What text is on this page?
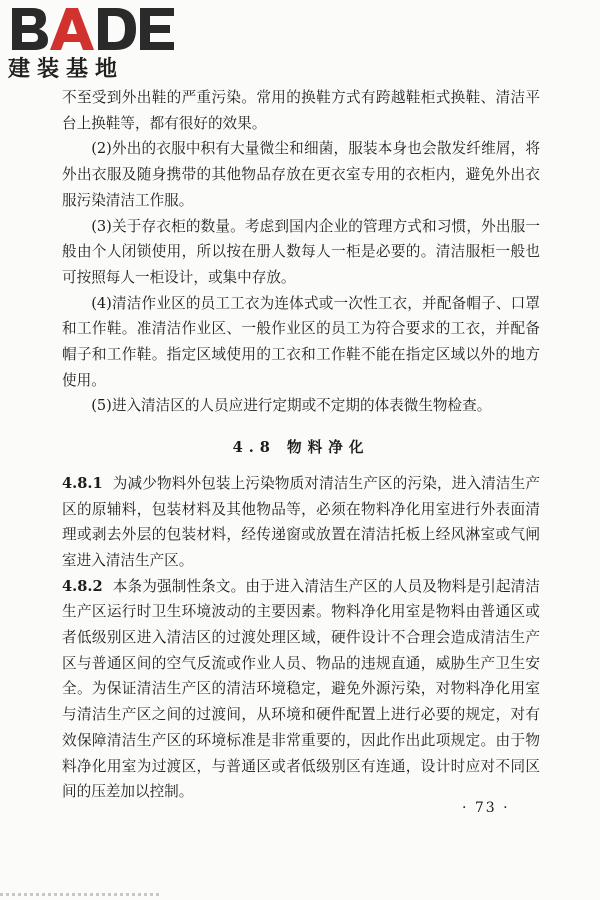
建装基地

不至受到外出鞋的严重污染。常用的换鞋方式有跨越鞋柜式换鞋、清洁平台上换鞋等，都有很好的效果。

(2)外出的衣服中积有大量微尘和细菌，服装本身也会散发纤维屑，将外出衣服及随身携带的其他物品存放在更衣室专用的衣柜内，避免外出衣服污染清洁工作服。

(3)关于存衣柜的数量。考虑到国内企业的管理方式和习惯，外出服一般由个人闭锁使用，所以按在册人数每人一柜是必要的。清洁服柜一般也可按照每人一柜设计，或集中存放。

(4)清洁作业区的员工工衣为连体式或一次性工衣，并配备帽子、口罩和工作鞋。准清洁作业区、一般作业区的员工为符合要求的工衣，并配备帽子和工作鞋。指定区域使用的工衣和工作鞋不能在指定区域以外的地方使用。

(5)进入清洁区的人员应进行定期或不定期的体表微生物检查。

4.8 物料净化

4.8.1 为减少物料外包装上污染物质对清洁生产区的污染，进入清洁生产区的原辅料，包装材料及其他物品等，必须在物料净化用室进行外表面清理或剥去外层的包装材料，经传递窗或放置在清洁托板上经风淋室或气闸室进入清洁生产区。

4.8.2 本条为强制性条文。由于进入清洁生产区的人员及物料是引起清洁生产区运行时卫生环境波动的主要因素。物料净化用室是物料由普通区或者低级别区进入清洁区的过渡处理区域，硬件设计不合理会造成清洁生产区与普通区间的空气反流或作业人员、物品的违规直通，威胁生产卫生安全。为保证清洁生产区的清洁环境稳定，避免外源污染，对物料净化用室与清洁生产区之间的过渡间，从环境和硬件配置上进行必要的规定，对有效保障清洁生产区的环境标准是非常重要的，因此作出此项规定。由于物料净化用室为过渡区，与普通区或者低级别区有连通，设计时应对不同区间的压差加以控制。

· 73 ·
